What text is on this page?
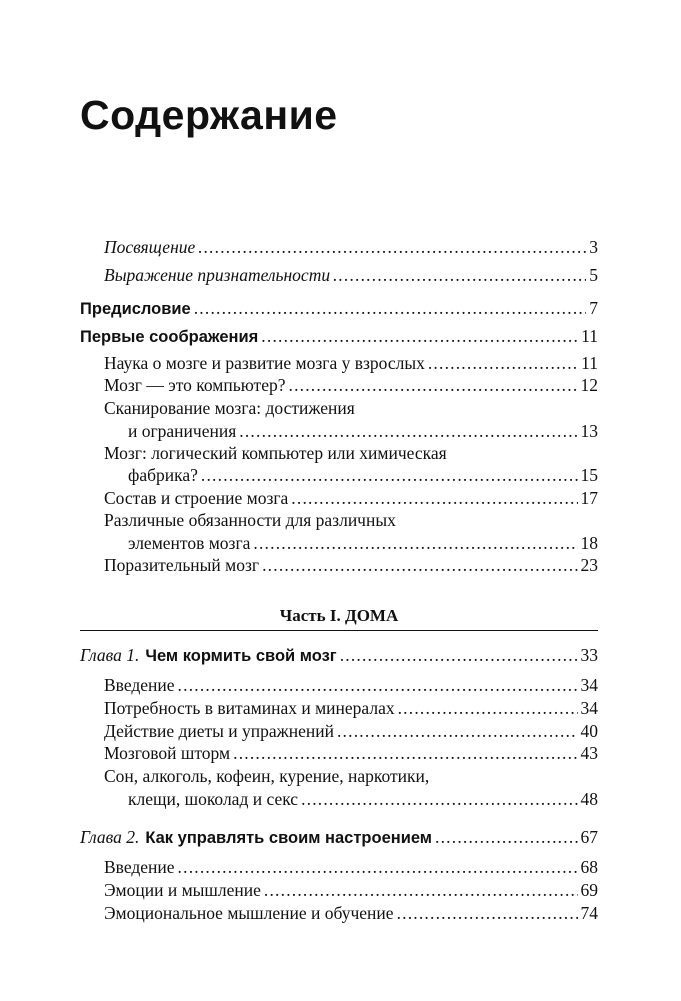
Содержание
Посвящение .....	3
Выражение признательности .....	5
Предисловие .....	7
Первые соображения .....	11
Наука о мозге и развитие мозга у взрослых .....	11
Мозг — это компьютер? .....	12
Сканирование мозга: достижения
и ограничения .....	13
Мозг: логический компьютер или химическая
фабрика? .....	15
Состав и строение мозга .....	17
Различные обязанности для различных
элементов мозга .....	18
Поразительный мозг .....	23
Часть I. ДОМА
Глава 1. Чем кормить свой мозг .....	33
Введение .....	34
Потребность в витаминах и минералах .....	34
Действие диеты и упражнений .....	40
Мозговой шторм .....	43
Сон, алкоголь, кофеин, курение, наркотики,
клещи, шоколад и секс .....	48
Глава 2. Как управлять своим настроением .....	67
Введение .....	68
Эмоции и мышление .....	69
Эмоциональное мышление и обучение .....	74
